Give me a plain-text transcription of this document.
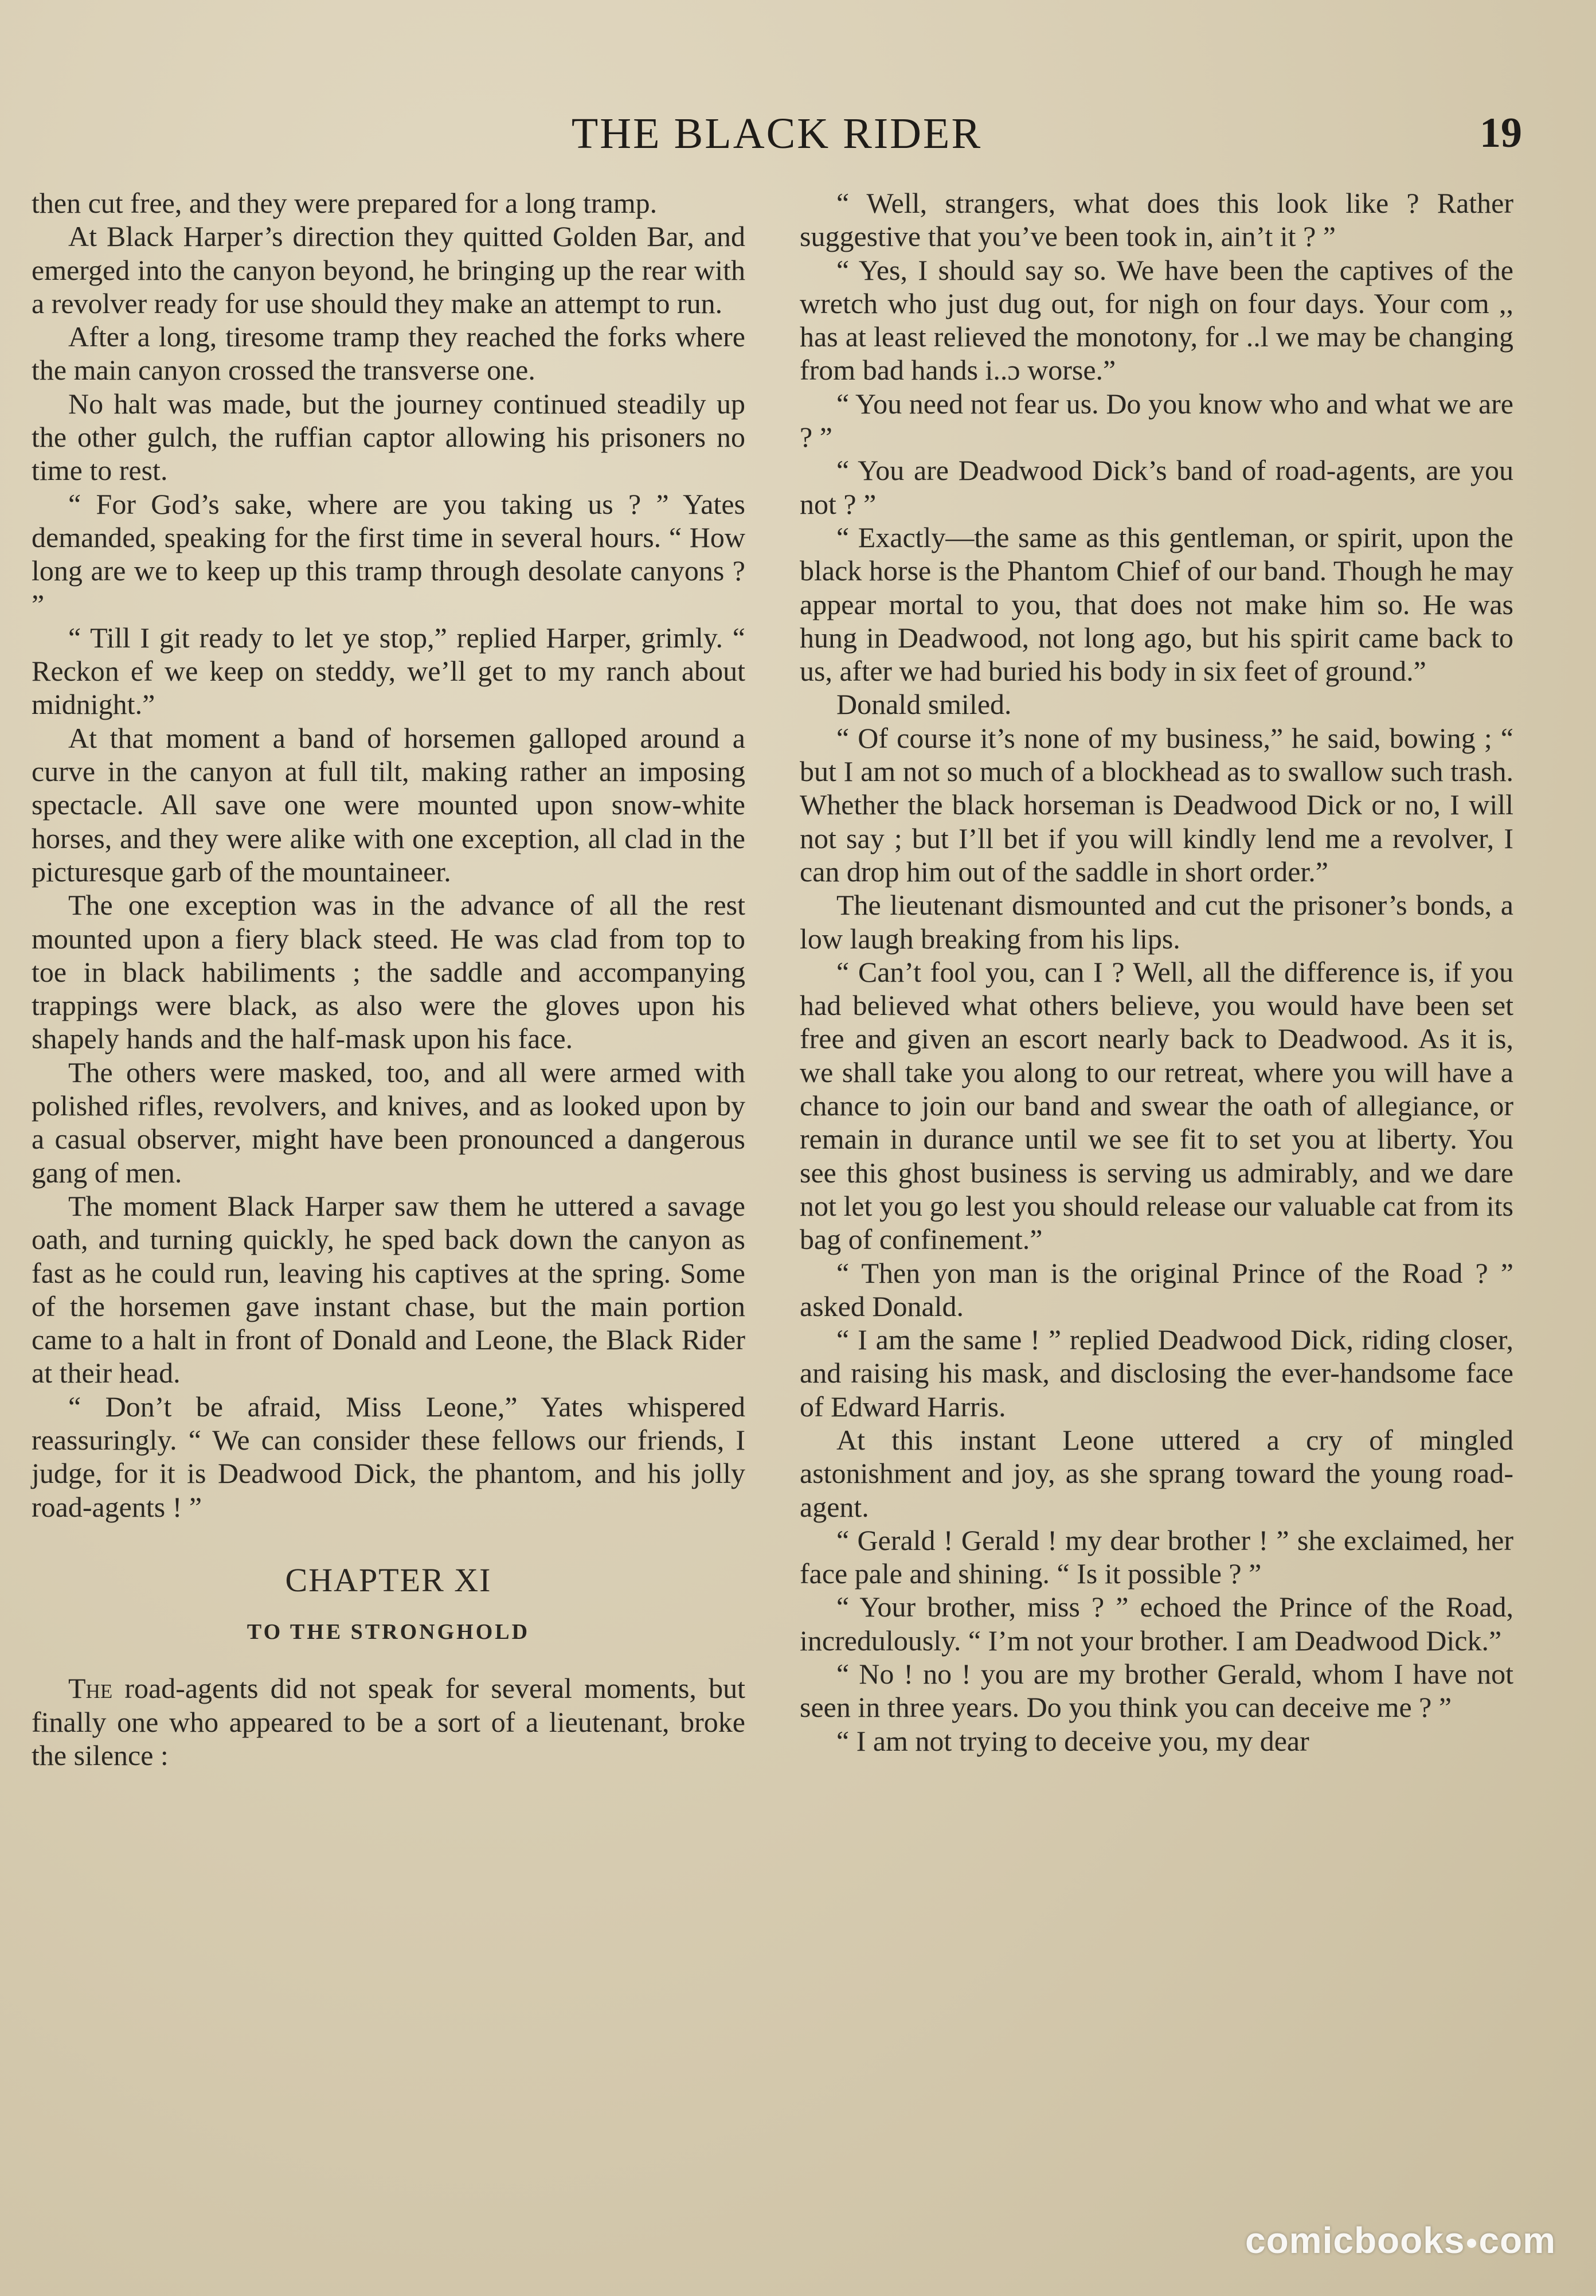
THE BLACK RIDER	19

then cut free, and they were prepared for a long tramp.

At Black Harper’s direction they quitted Golden Bar, and emerged into the canyon beyond, he bringing up the rear with a revolver ready for use should they make an attempt to run.

After a long, tiresome tramp they reached the forks where the main canyon crossed the transverse one.

No halt was made, but the journey continued steadily up the other gulch, the ruffian captor allowing his prisoners no time to rest.

“ For God’s sake, where are you taking us ? ” Yates demanded, speaking for the first time in several hours. “ How long are we to keep up this tramp through desolate canyons ? ”

“ Till I git ready to let ye stop,” replied Harper, grimly. “ Reckon ef we keep on steddy, we’ll get to my ranch about midnight.”

At that moment a band of horsemen galloped around a curve in the canyon at full tilt, making rather an imposing spectacle. All save one were mounted upon snow-white horses, and they were alike with one exception, all clad in the picturesque garb of the mountaineer.

The one exception was in the advance of all the rest mounted upon a fiery black steed. He was clad from top to toe in black habiliments ; the saddle and accompanying trappings were black, as also were the gloves upon his shapely hands and the half-mask upon his face.

The others were masked, too, and all were armed with polished rifles, revolvers, and knives, and as looked upon by a casual observer, might have been pronounced a dangerous gang of men.

The moment Black Harper saw them he uttered a savage oath, and turning quickly, he sped back down the canyon as fast as he could run, leaving his captives at the spring. Some of the horsemen gave instant chase, but the main portion came to a halt in front of Donald and Leone, the Black Rider at their head.

“ Don’t be afraid, Miss Leone,” Yates whispered reassuringly. “ We can consider these fellows our friends, I judge, for it is Deadwood Dick, the phantom, and his jolly road-agents ! ”

CHAPTER XI
TO THE STRONGHOLD

The road-agents did not speak for several moments, but finally one who appeared to be a sort of a lieutenant, broke the silence :

“ Well, strangers, what does this look like ? Rather suggestive that you’ve been took in, ain’t it ? ”

“ Yes, I should say so. We have been the captives of the wretch who just dug out, for nigh on four days. Your com ,, has at least relieved the monotony, for ..l we may be changing from bad hands i..ɔ worse.”

“ You need not fear us. Do you know who and what we are ? ”

“ You are Deadwood Dick’s band of road-agents, are you not ? ”

“ Exactly—the same as this gentleman, or spirit, upon the black horse is the Phantom Chief of our band. Though he may appear mortal to you, that does not make him so. He was hung in Deadwood, not long ago, but his spirit came back to us, after we had buried his body in six feet of ground.”

Donald smiled.

“ Of course it’s none of my business,” he said, bowing ; “ but I am not so much of a blockhead as to swallow such trash. Whether the black horseman is Deadwood Dick or no, I will not say ; but I’ll bet if you will kindly lend me a revolver, I can drop him out of the saddle in short order.”

The lieutenant dismounted and cut the prisoner’s bonds, a low laugh breaking from his lips.

“ Can’t fool you, can I ? Well, all the difference is, if you had believed what others believe, you would have been set free and given an escort nearly back to Deadwood. As it is, we shall take you along to our retreat, where you will have a chance to join our band and swear the oath of allegiance, or remain in durance until we see fit to set you at liberty. You see this ghost business is serving us admirably, and we dare not let you go lest you should release our valuable cat from its bag of confinement.”

“ Then yon man is the original Prince of the Road ? ” asked Donald.

“ I am the same ! ” replied Deadwood Dick, riding closer, and raising his mask, and disclosing the ever-handsome face of Edward Harris.

At this instant Leone uttered a cry of mingled astonishment and joy, as she sprang toward the young road-agent.

“ Gerald ! Gerald ! my dear brother ! ” she exclaimed, her face pale and shining. “ Is it possible ? ”

“ Your brother, miss ? ” echoed the Prince of the Road, incredulously. “ I’m not your brother. I am Deadwood Dick.”

“ No ! no ! you are my brother Gerald, whom I have not seen in three years. Do you think you can deceive me ? ”

“ I am not trying to deceive you, my dear

comicbooks com
